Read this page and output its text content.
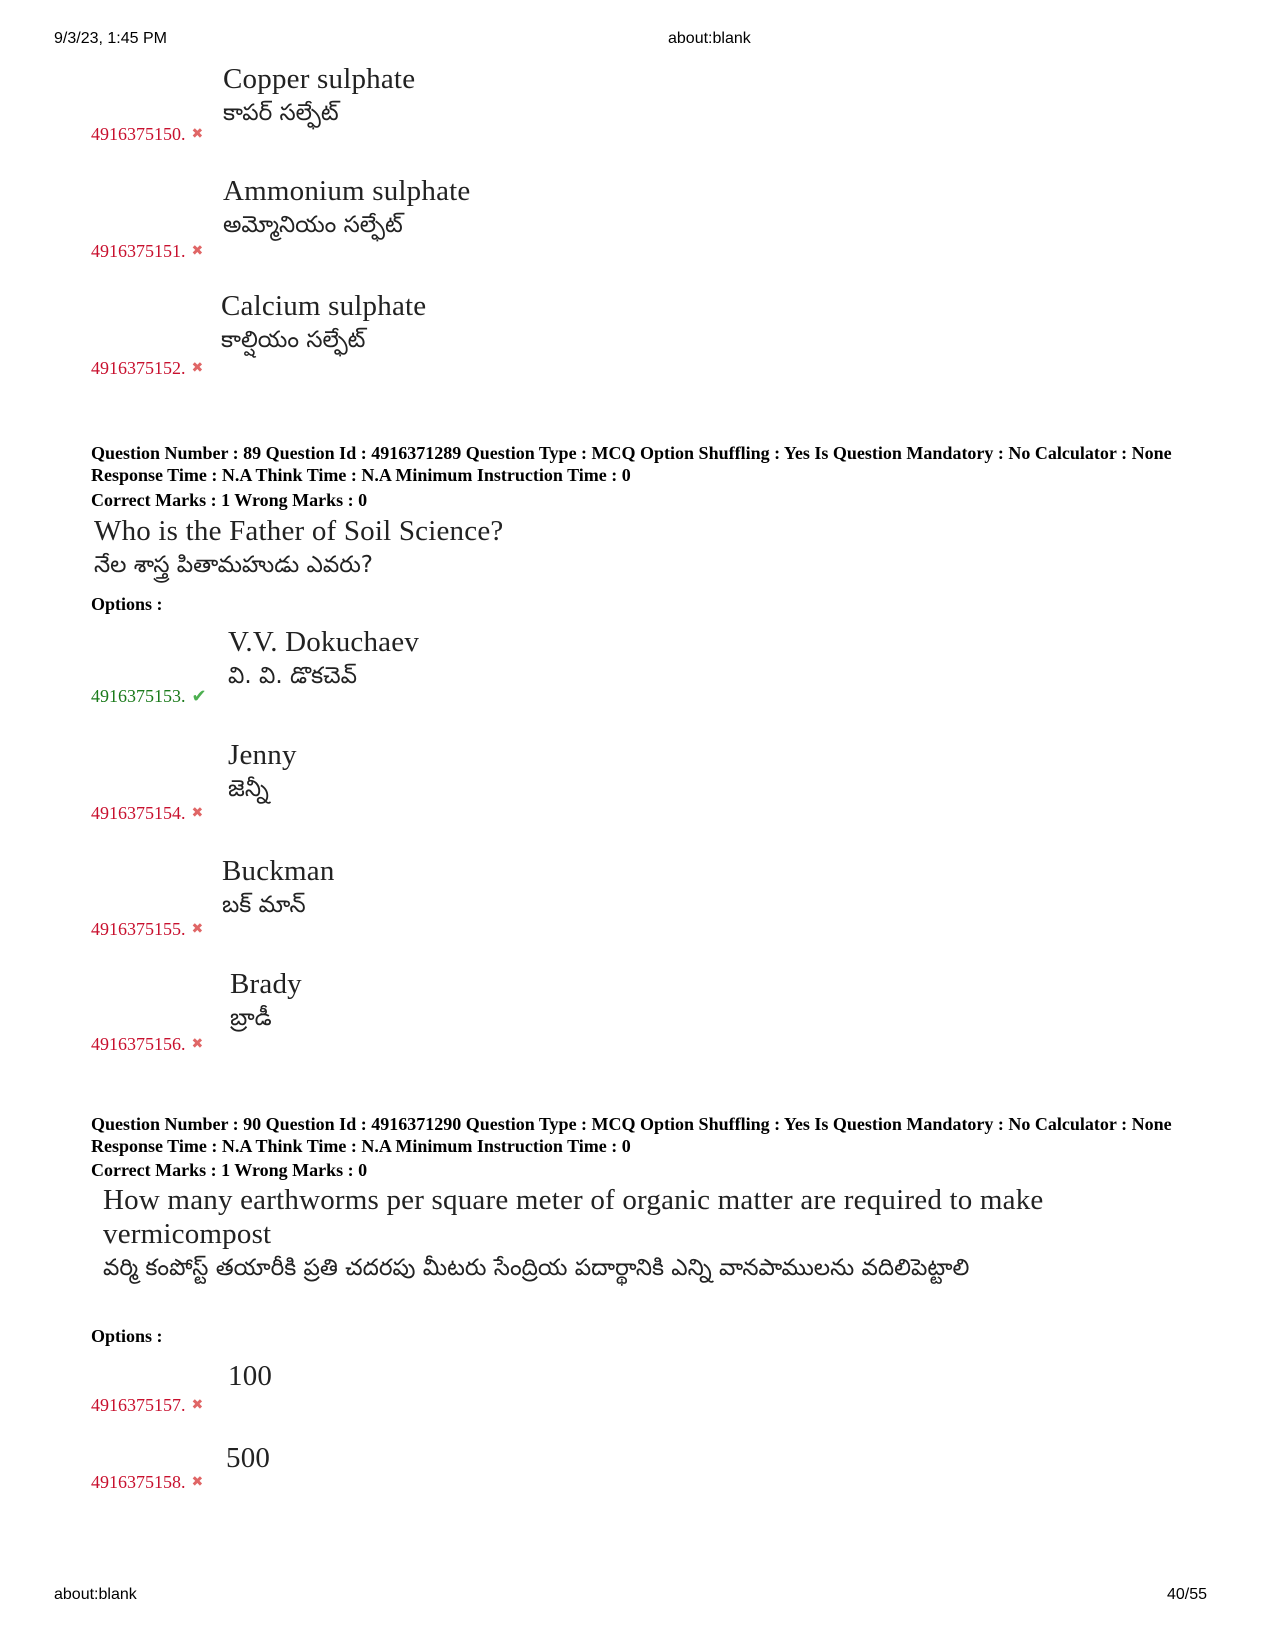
9/3/23, 1:45 PM	about:blank
4916375150. ✖
Copper sulphate
కాపర్ సల్ఫేట్
4916375151. ✖
Ammonium sulphate
అమ్మోనియం సల్ఫేట్
4916375152. ✖
Calcium sulphate
కాల్షియం సల్ఫేట్
Question Number : 89 Question Id : 4916371289 Question Type : MCQ Option Shuffling : Yes Is Question Mandatory : No Calculator : None Response Time : N.A Think Time : N.A Minimum Instruction Time : 0
Correct Marks : 1 Wrong Marks : 0
Who is the Father of Soil Science?
నేల శాస్త్ర పితామహుడు ఎవరు?
Options :
4916375153. ✔
V.V. Dokuchaev
వి. వి. డొకచెవ్
4916375154. ✖
Jenny
జెన్నీ
4916375155. ✖
Buckman
బక్ మాన్
4916375156. ✖
Brady
బ్రాడీ
Question Number : 90 Question Id : 4916371290 Question Type : MCQ Option Shuffling : Yes Is Question Mandatory : No Calculator : None Response Time : N.A Think Time : N.A Minimum Instruction Time : 0
Correct Marks : 1 Wrong Marks : 0
How many earthworms per square meter of organic matter are required to make
vermicompost
వర్మి కంపోస్ట్ తయారీకి ప్రతి చదరపు మీటరు సేంద్రియ పదార్థానికి ఎన్ని వానపాములను వదిలిపెట్టాలి
Options :
4916375157. ✖
100
4916375158. ✖
500
about:blank	40/55
